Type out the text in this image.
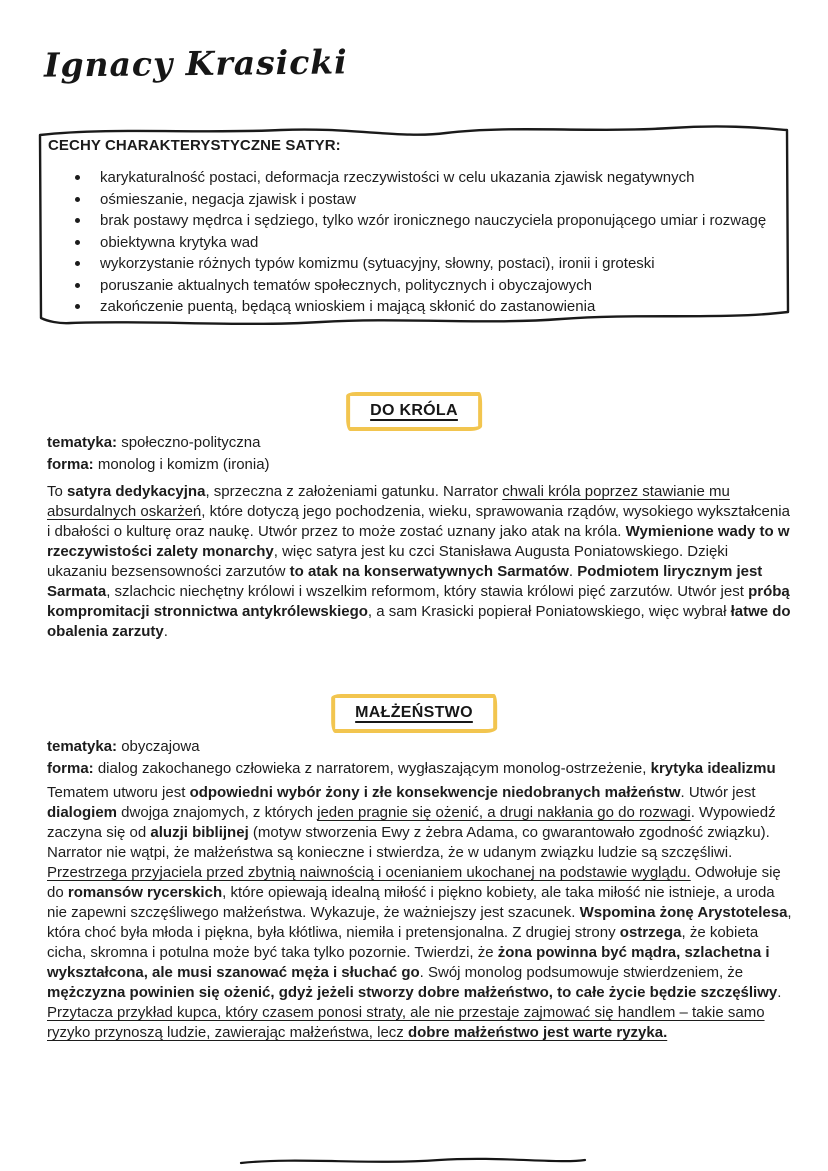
Ignacy Krasicki
CECHY CHARAKTERYSTYCZNE SATYR:
karykaturalność postaci, deformacja rzeczywistości w celu ukazania zjawisk negatywnych
ośmieszanie, negacja zjawisk i postaw
brak postawy mędrca i sędziego, tylko wzór ironicznego nauczyciela proponującego umiar i rozwagę
obiektywna krytyka wad
wykorzystanie różnych typów komizmu (sytuacyjny, słowny, postaci), ironii i groteski
poruszanie aktualnych tematów społecznych, politycznych i obyczajowych
zakończenie puentą, będącą wnioskiem i mającą skłonić do zastanowienia
DO KRÓLA
tematyka: społeczno-polityczna
forma: monolog i komizm (ironia)
To satyra dedykacyjna, sprzeczna z założeniami gatunku. Narrator chwali króla poprzez stawianie mu absurdalnych oskarżeń, które dotyczą jego pochodzenia, wieku, sprawowania rządów, wysokiego wykształcenia i dbałości o kulturę oraz naukę. Utwór przez to może zostać uznany jako atak na króla. Wymienione wady to w rzeczywistości zalety monarchy, więc satyra jest ku czci Stanisława Augusta Poniatowskiego. Dzięki ukazaniu bezsensowności zarzutów to atak na konserwatywnych Sarmatów. Podmiotem lirycznym jest Sarmata, szlachcic niechętny królowi i wszelkim reformom, który stawia królowi pięć zarzutów. Utwór jest próbą kompromitacji stronnictwa antykrólewskiego, a sam Krasicki popierał Poniatowskiego, więc wybrał łatwe do obalenia zarzuty.
MAŁŻEŃSTWO
tematyka: obyczajowa
forma: dialog zakochanego człowieka z narratorem, wygłaszającym monolog-ostrzeżenie, krytyka idealizmu
Tematem utworu jest odpowiedni wybór żony i złe konsekwencje niedobranych małżeństw. Utwór jest dialogiem dwojga znajomych, z których jeden pragnie się ożenić, a drugi nakłania go do rozwagi. Wypowiedź zaczyna się od aluzji biblijnej (motyw stworzenia Ewy z żebra Adama, co gwarantowało zgodność związku). Narrator nie wątpi, że małżeństwa są konieczne i stwierdza, że w udanym związku ludzie są szczęśliwi. Przestrzega przyjaciela przed zbytnią naiwnością i ocenianiem ukochanej na podstawie wyglądu. Odwołuje się do romansów rycerskich, które opiewają idealną miłość i piękno kobiety, ale taka miłość nie istnieje, a uroda nie zapewni szczęśliwego małżeństwa. Wykazuje, że ważniejszy jest szacunek. Wspomina żonę Arystotelesa, która choć była młoda i piękna, była kłótliwa, niemiła i pretensjonalna. Z drugiej strony ostrzega, że kobieta cicha, skromna i potulna może być taka tylko pozornie. Twierdzi, że żona powinna być mądra, szlachetna i wykształcona, ale musi szanować męża i słuchać go. Swój monolog podsumowuje stwierdzeniem, że mężczyzna powinien się ożenić, gdyż jeżeli stworzy dobre małżeństwo, to całe życie będzie szczęśliwy. Przytacza przykład kupca, który czasem ponosi straty, ale nie przestaje zajmować się handlem – takie samo ryzyko przynoszą ludzie, zawierając małżeństwa, lecz dobre małżeństwo jest warte ryzyka.
